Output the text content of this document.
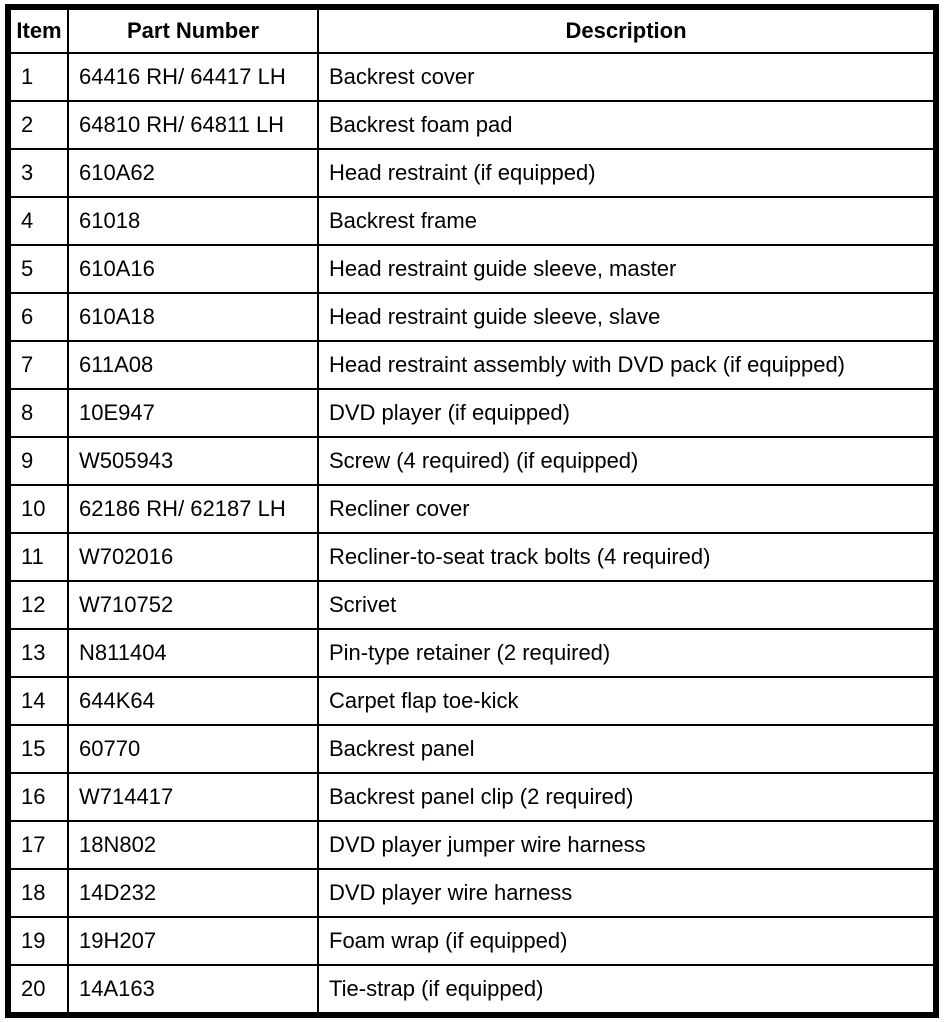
Item	Part Number	Description
1	64416 RH/ 64417 LH	Backrest cover
2	64810 RH/ 64811 LH	Backrest foam pad
3	610A62	Head restraint (if equipped)
4	61018	Backrest frame
5	610A16	Head restraint guide sleeve, master
6	610A18	Head restraint guide sleeve, slave
7	611A08	Head restraint assembly with DVD pack (if equipped)
8	10E947	DVD player (if equipped)
9	W505943	Screw (4 required) (if equipped)
10	62186 RH/ 62187 LH	Recliner cover
11	W702016	Recliner-to-seat track bolts (4 required)
12	W710752	Scrivet
13	N811404	Pin-type retainer (2 required)
14	644K64	Carpet flap toe-kick
15	60770	Backrest panel
16	W714417	Backrest panel clip (2 required)
17	18N802	DVD player jumper wire harness
18	14D232	DVD player wire harness
19	19H207	Foam wrap (if equipped)
20	14A163	Tie-strap (if equipped)
